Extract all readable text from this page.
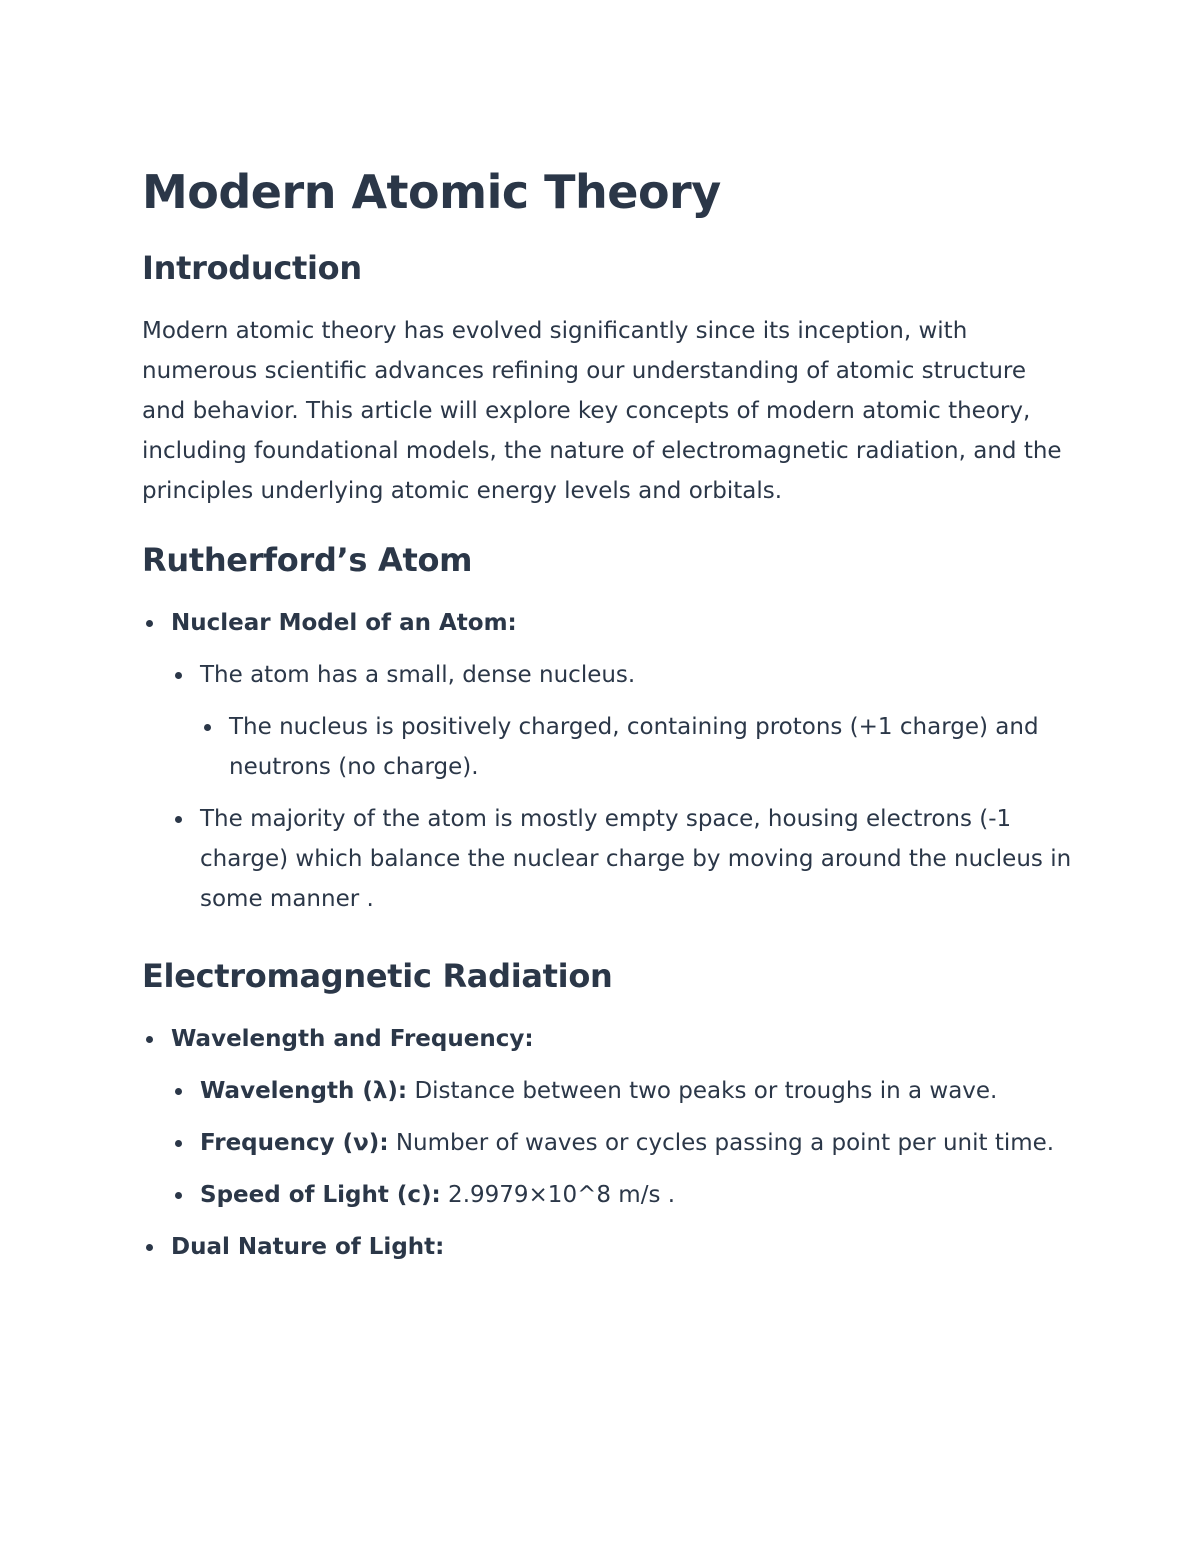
Modern Atomic Theory
Introduction

Modern atomic theory has evolved significantly since its inception, with numerous scientific advances refining our understanding of atomic structure and behavior. This article will explore key concepts of modern atomic theory, including foundational models, the nature of electromagnetic radiation, and the principles underlying atomic energy levels and orbitals.

Rutherford’s Atom
Nuclear Model of an Atom:
The atom has a small, dense nucleus.
The nucleus is positively charged, containing protons (+1 charge) and neutrons (no charge).
The majority of the atom is mostly empty space, housing electrons (-1 charge) which balance the nuclear charge by moving around the nucleus in some manner .
Electromagnetic Radiation
Wavelength and Frequency:
Wavelength (λ): Distance between two peaks or troughs in a wave.
Frequency (ν): Number of waves or cycles passing a point per unit time.
Speed of Light (c): 2.9979×10^8 m/s .
Dual Nature of Light:
